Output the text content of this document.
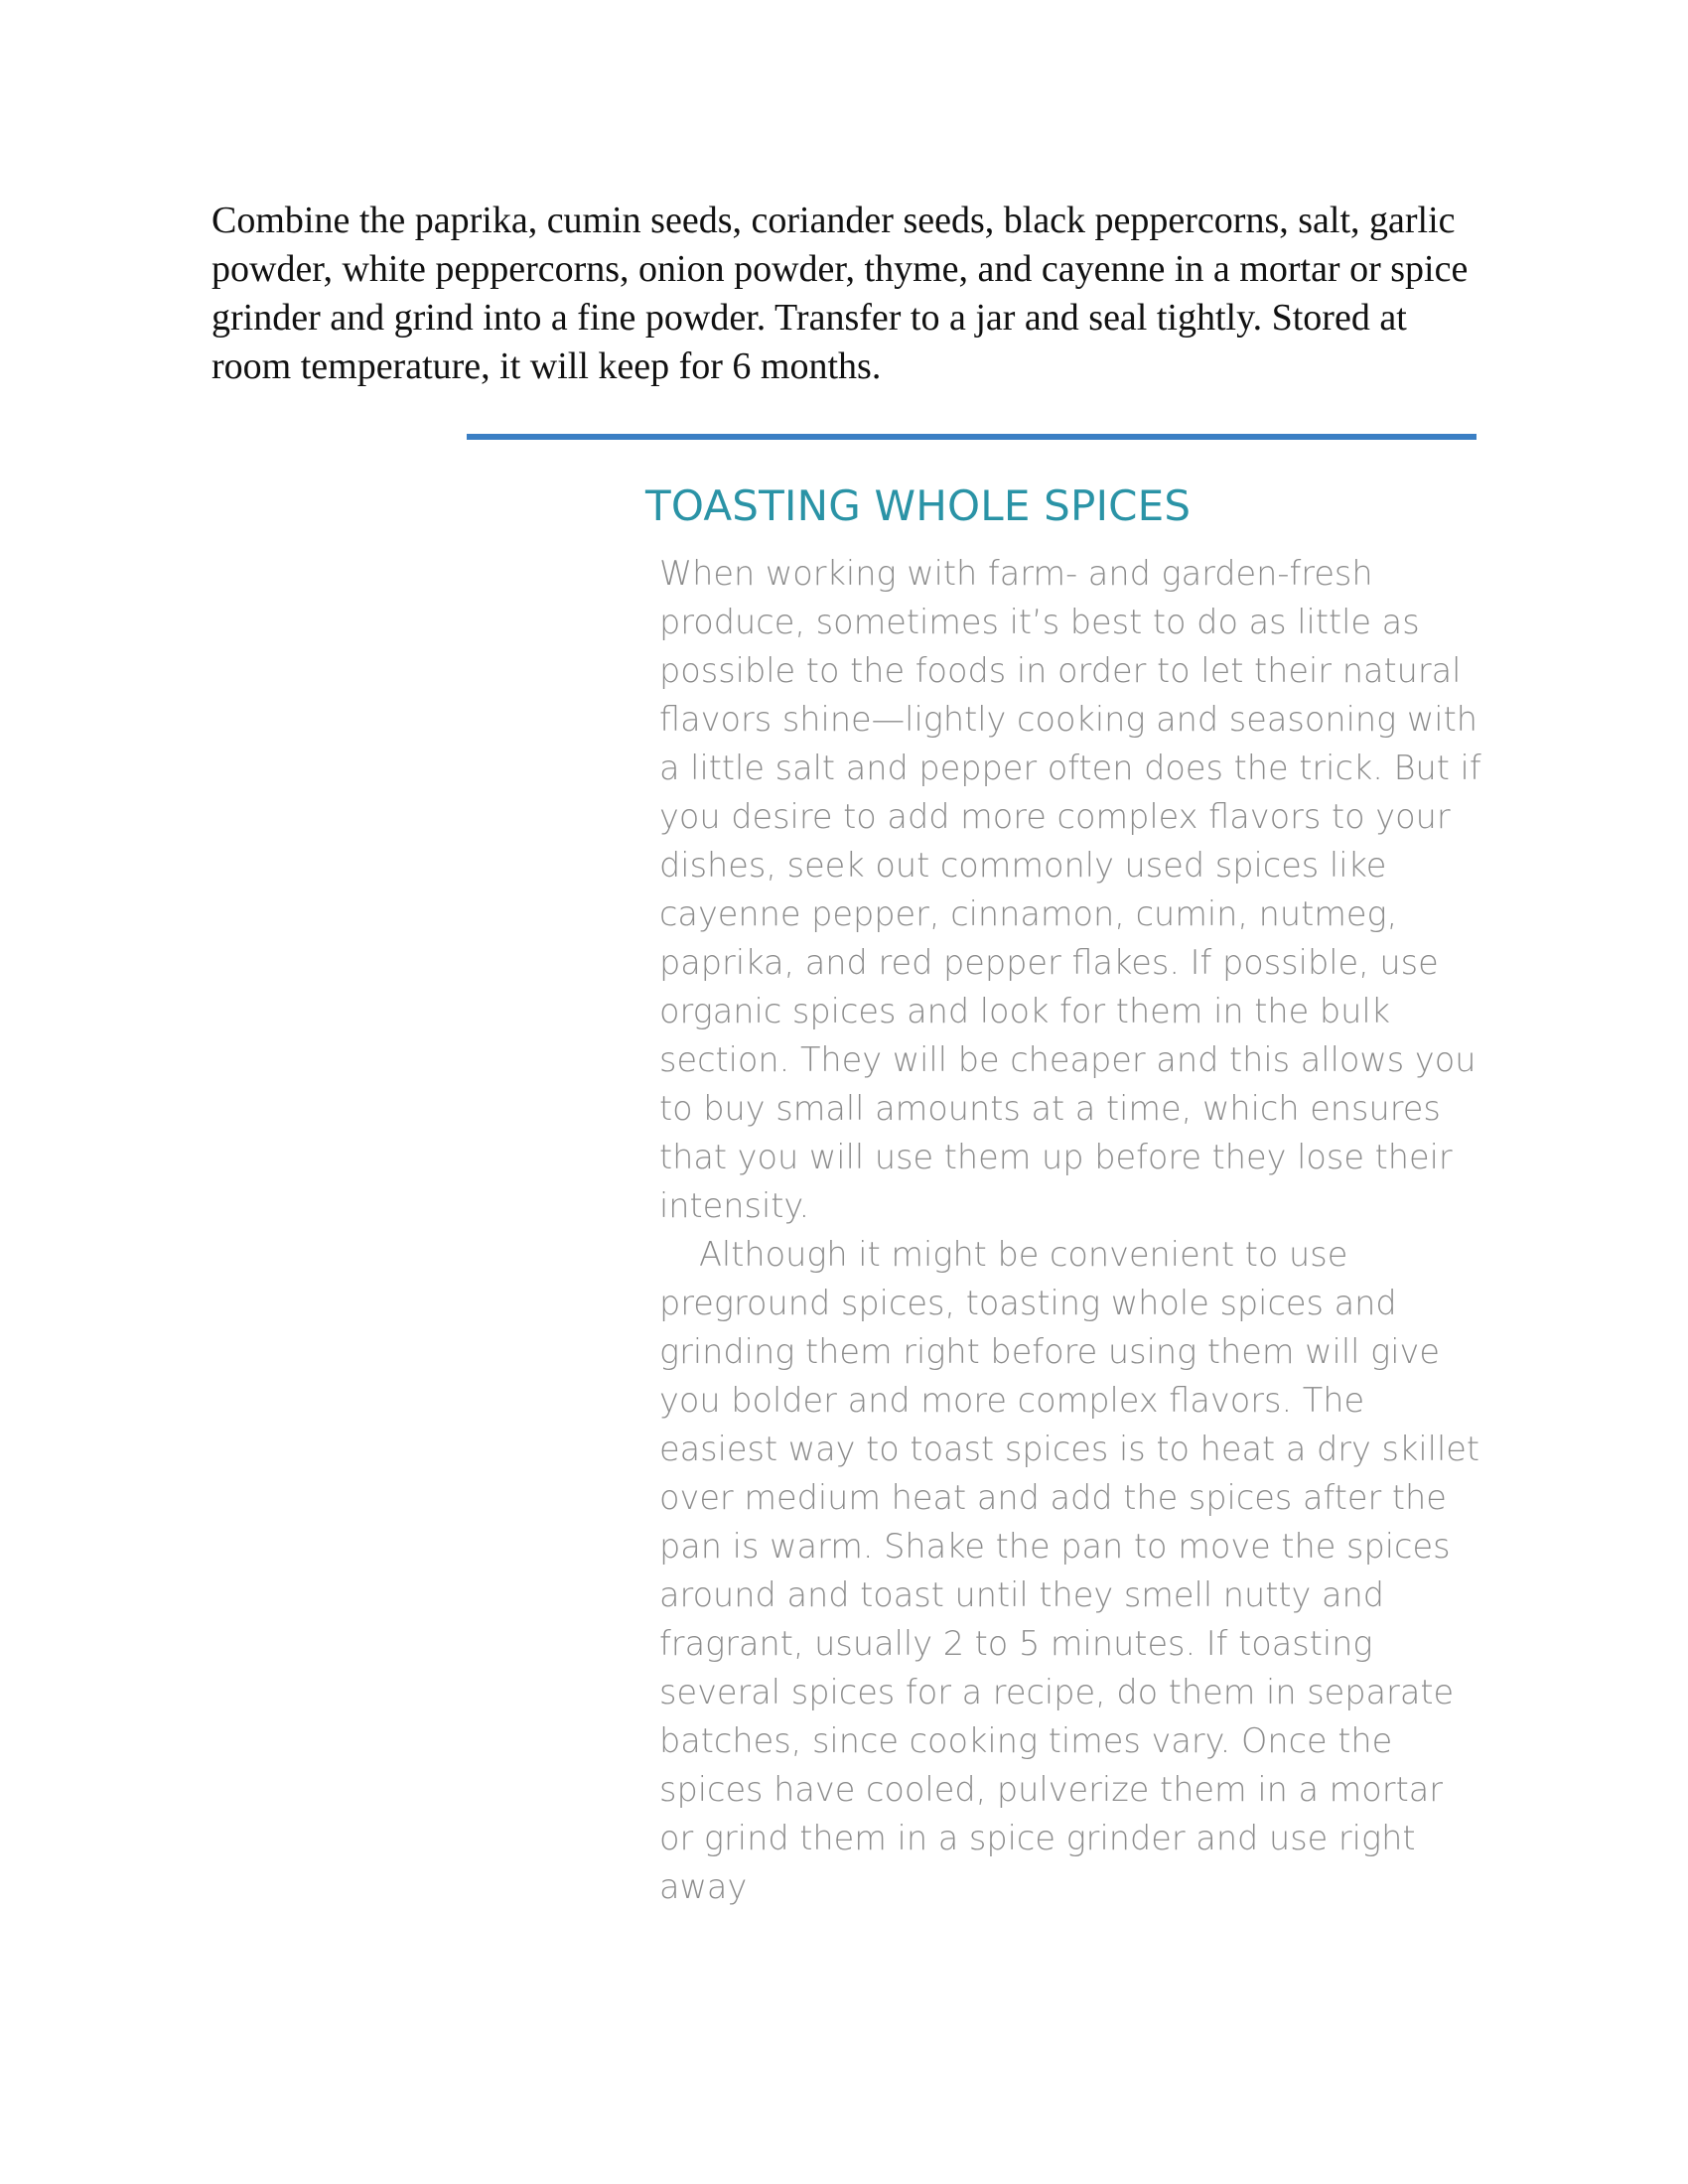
Combine the paprika, cumin seeds, coriander seeds, black peppercorns, salt, garlic powder, white peppercorns, onion powder, thyme, and cayenne in a mortar or spice grinder and grind into a fine powder. Transfer to a jar and seal tightly. Stored at room temperature, it will keep for 6 months.

TOASTING WHOLE SPICES

When working with farm- and garden-fresh produce, sometimes it’s best to do as little as possible to the foods in order to let their natural flavors shine—lightly cooking and seasoning with a little salt and pepper often does the trick. But if you desire to add more complex flavors to your dishes, seek out commonly used spices like cayenne pepper, cinnamon, cumin, nutmeg, paprika, and red pepper flakes. If possible, use organic spices and look for them in the bulk section. They will be cheaper and this allows you to buy small amounts at a time, which ensures that you will use them up before they lose their intensity.

Although it might be convenient to use preground spices, toasting whole spices and grinding them right before using them will give you bolder and more complex flavors. The easiest way to toast spices is to heat a dry skillet over medium heat and add the spices after the pan is warm. Shake the pan to move the spices around and toast until they smell nutty and fragrant, usually 2 to 5 minutes. If toasting several spices for a recipe, do them in separate batches, since cooking times vary. Once the spices have cooled, pulverize them in a mortar or grind them in a spice grinder and use right away
